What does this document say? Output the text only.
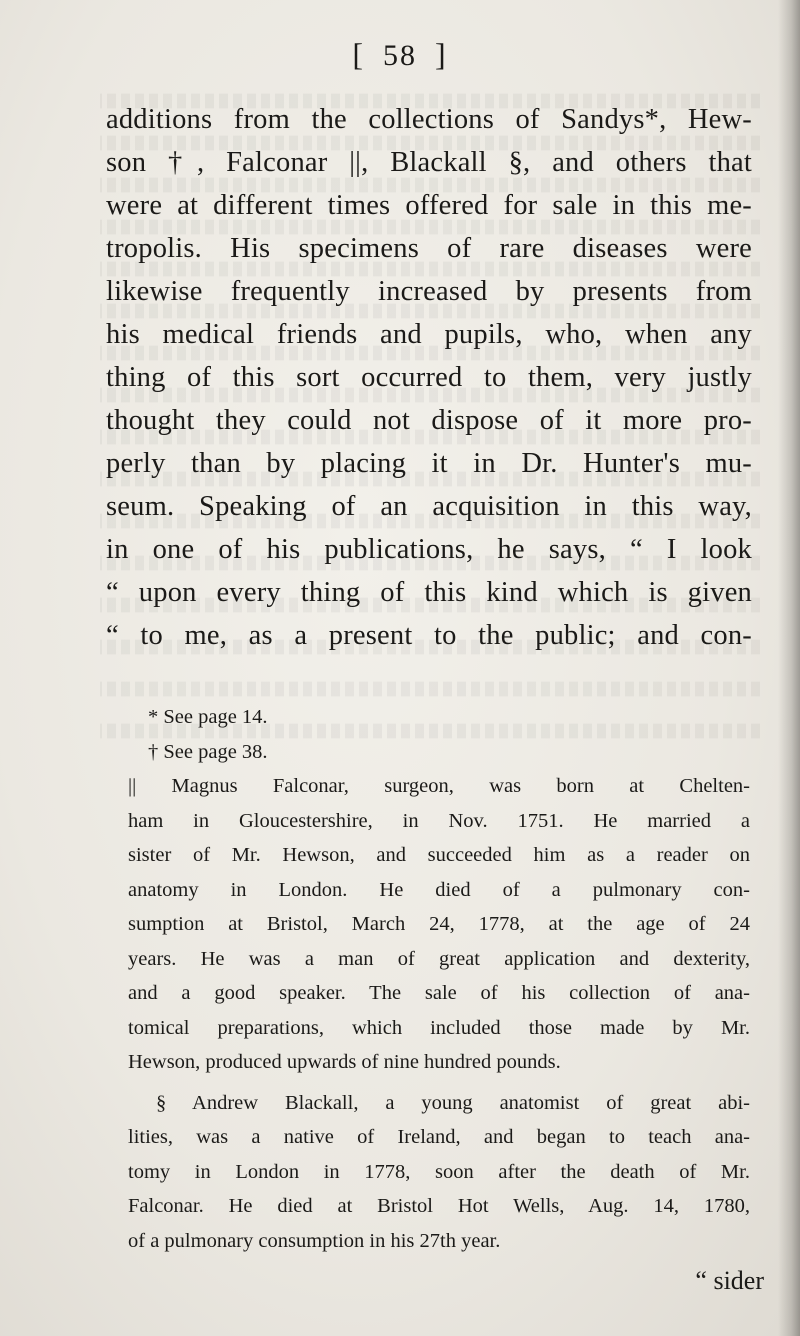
[ 58 ]
additions from the collections of Sandys*, Hew-
son †, Falconar ||, Blackall §, and others that
were at different times offered for sale in this me-
tropolis. His specimens of rare diseases were
likewise frequently increased by presents from
his medical friends and pupils, who, when any
thing of this sort occurred to them, very justly
thought they could not dispose of it more pro-
perly than by placing it in Dr. Hunter's mu-
seum. Speaking of an acquisition in this way,
in one of his publications, he says, “ I look
“ upon every thing of this kind which is given
“ to me, as a present to the public; and con-
* See page 14.
† See page 38.
|| Magnus Falconar, surgeon, was born at Chelten-
ham in Gloucestershire, in Nov. 1751. He married a
sister of Mr. Hewson, and succeeded him as a reader on
anatomy in London. He died of a pulmonary con-
sumption at Bristol, March 24, 1778, at the age of 24
years. He was a man of great application and dexterity,
and a good speaker. The sale of his collection of ana-
tomical preparations, which included those made by Mr.
Hewson, produced upwards of nine hundred pounds.
§ Andrew Blackall, a young anatomist of great abi-
lities, was a native of Ireland, and began to teach ana-
tomy in London in 1778, soon after the death of Mr.
Falconar. He died at Bristol Hot Wells, Aug. 14, 1780,
of a pulmonary consumption in his 27th year.
“ sider
